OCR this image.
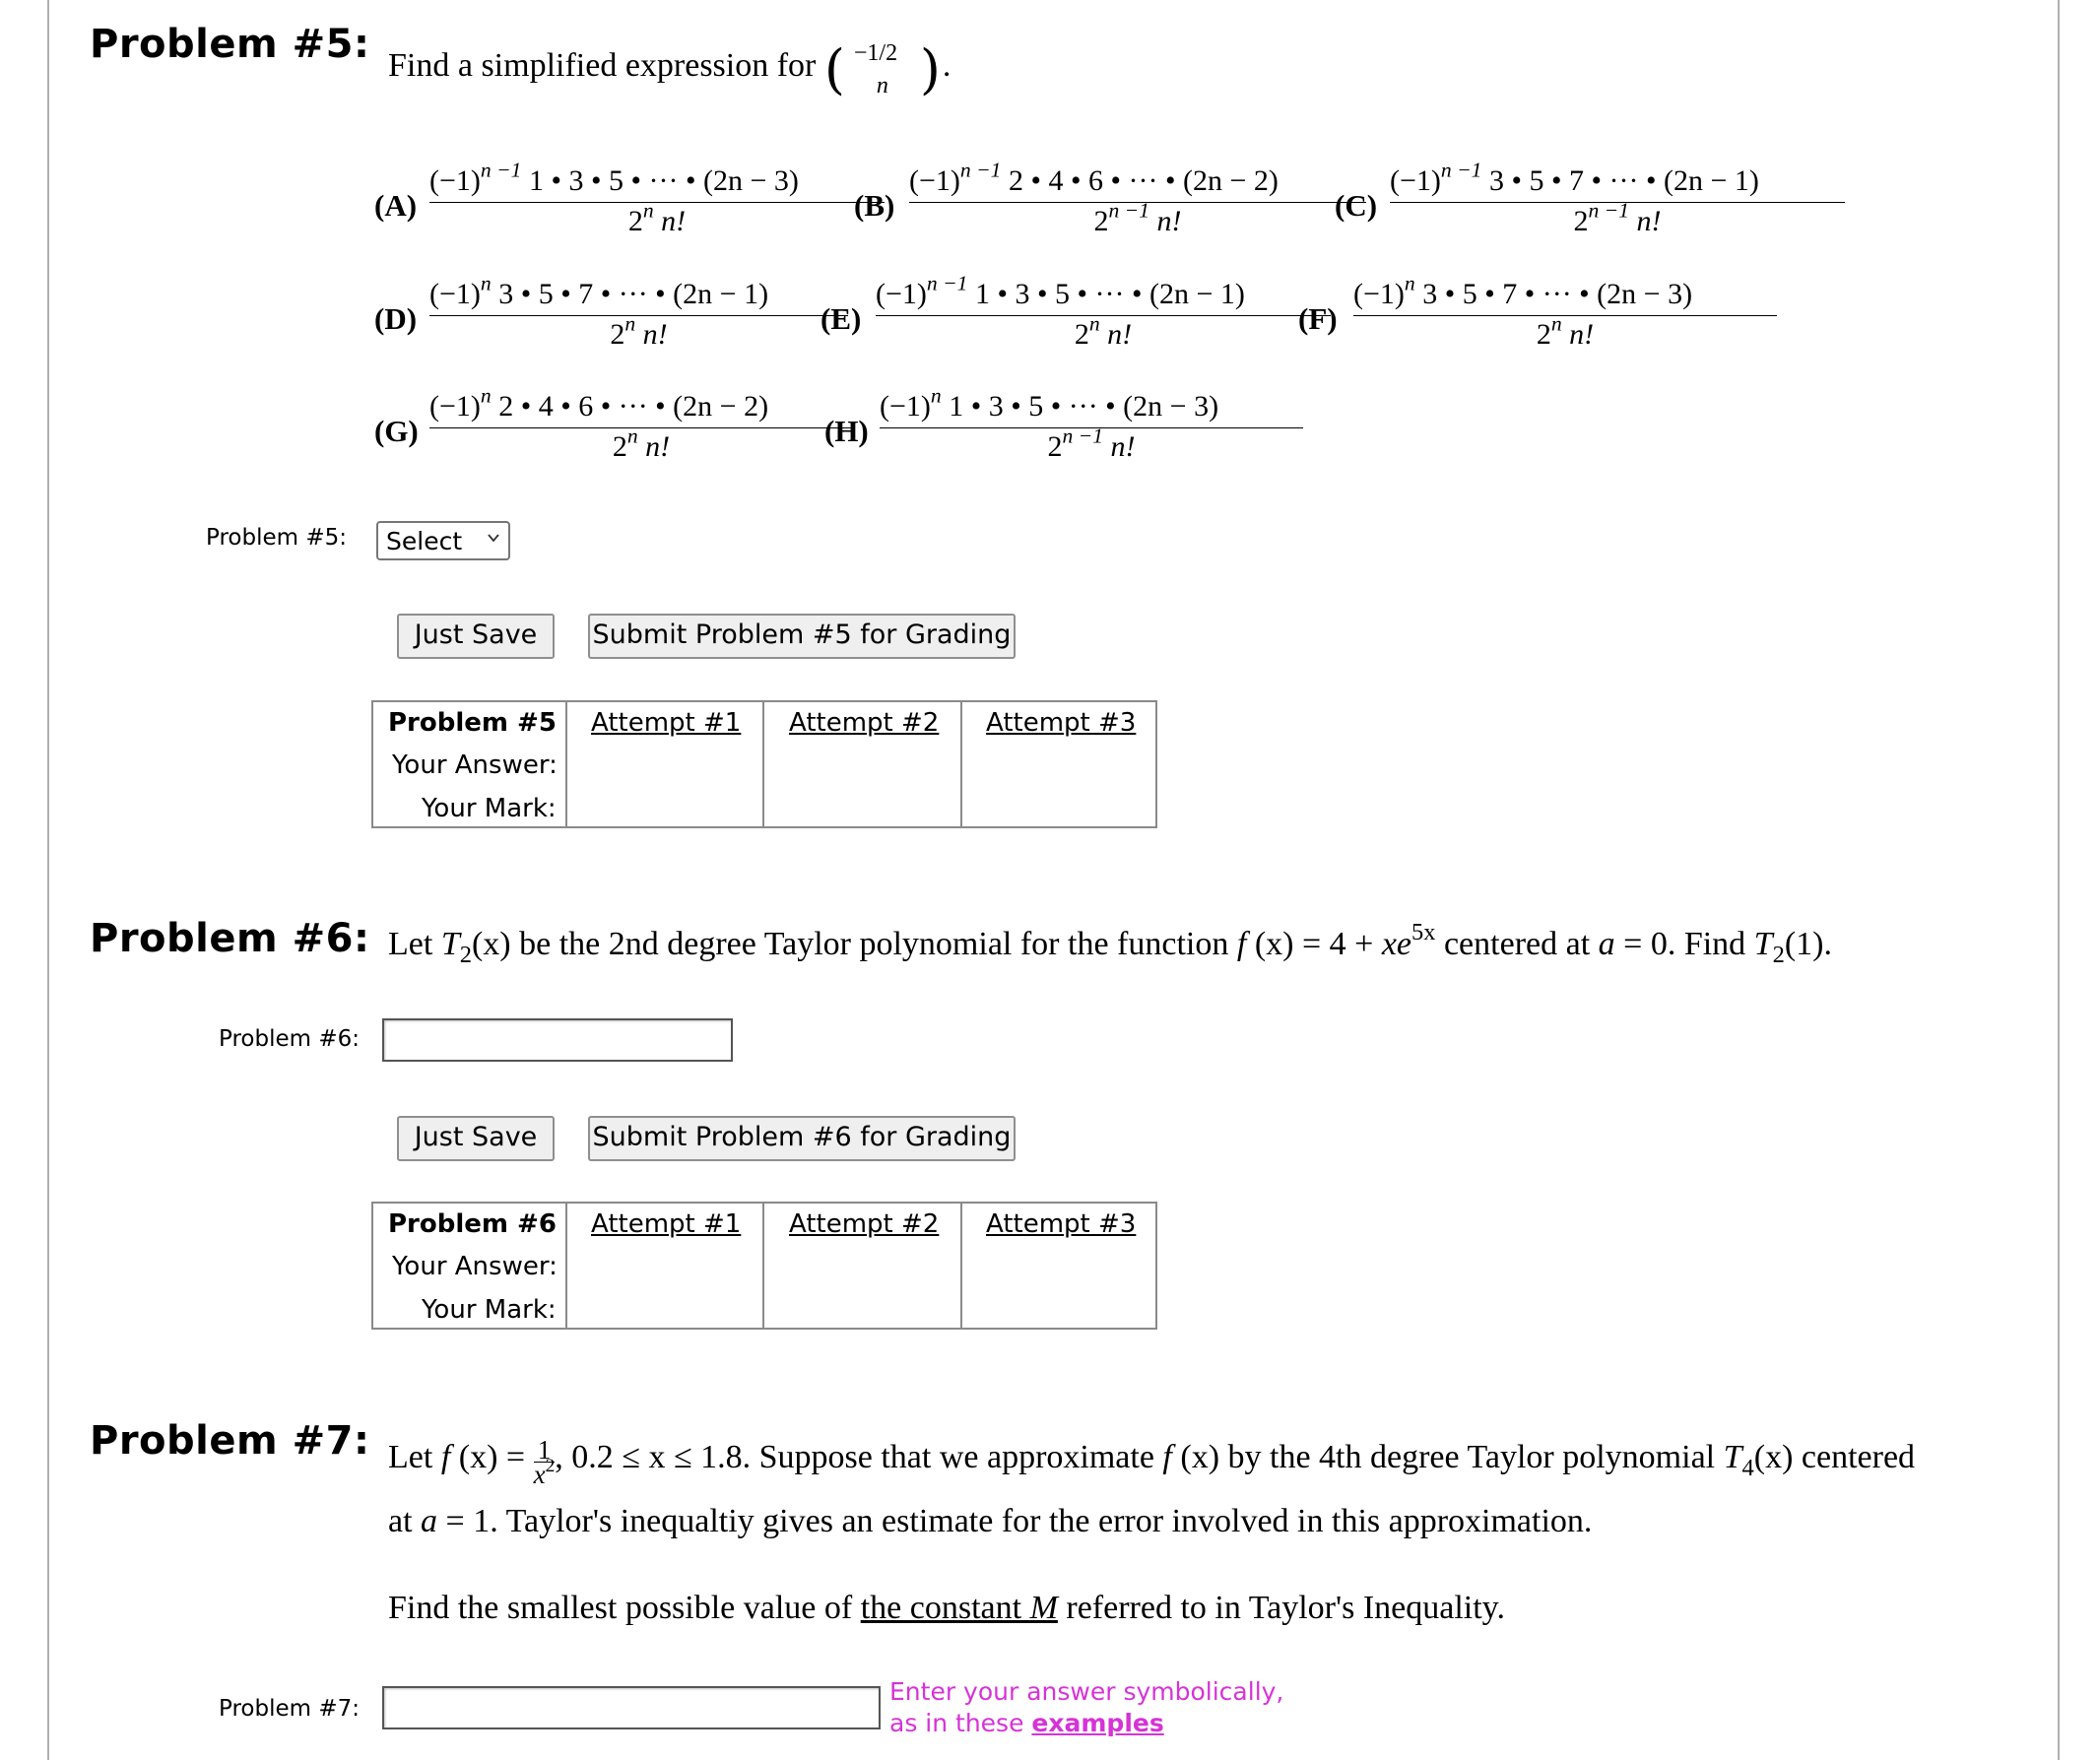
Problem #5: Find a simplified expression for ( −1/2
n ) .
(A)
$(-1)^{n -1}$ 1 • 3 • 5 • ··· • (2n − 3)
2$^n$ n!	(B)
$(-1)^{n -1}$ 2 • 4 • 6 • ··· • (2n − 2)
$2^{n -1}$ n!	(C)
$(-1)^{n -1}$ 3 • 5 • 7 • ··· • (2n − 1)
$2^{n -1}$ n!
(D)
$(-1)^n$ 3 • 5 • 7 • ··· • (2n − 1)
2$^n$ n!	(E)
$(-1)^{n -1}$ 1 • 3 • 5 • ··· • (2n − 1)
2$^n$ n!	(F)
$(-1)^n$ 3 • 5 • 7 • ··· • (2n − 3)
2$^n$ n!
(G)
$(-1)^n$ 2 • 4 • 6 • ··· • (2n − 2)
2$^n$ n!	(H)
$(-1)^n$ 1 • 3 • 5 • ··· • (2n − 3)
$2^{n -1}$ n!
Problem #5:	Select
Just Save	Submit Problem #5 for Grading
Problem #5
Your Answer:
Your Mark:
Attempt #1 Attempt #2 Attempt #3
Problem #6: Let $T_2(x)$ be the 2nd degree Taylor polynomial for the function f $(x) = 4 + xe^{5x}$ centered at a = 0. Find $T_2(1)$.
Problem #6:
Just Save	Submit Problem #6 for Grading
Problem #6
Your Answer:
Your Mark:
Attempt #1 Attempt #2 Attempt #3
Problem #7: Let f $(x) = \frac{1}{x^2}$ , 0.2 ≤ x ≤ 1.8. Suppose that we approximate f (x) by the 4th degree Taylor polynomial $T_4(x)$ centered
at a = 1. Taylor's inequaltiy gives an estimate for the error involved in this approximation.
Find the smallest possible value of the constant M referred to in Taylor's Inequality.
Problem #7:
Enter your answer symbolically,
as in these examples
